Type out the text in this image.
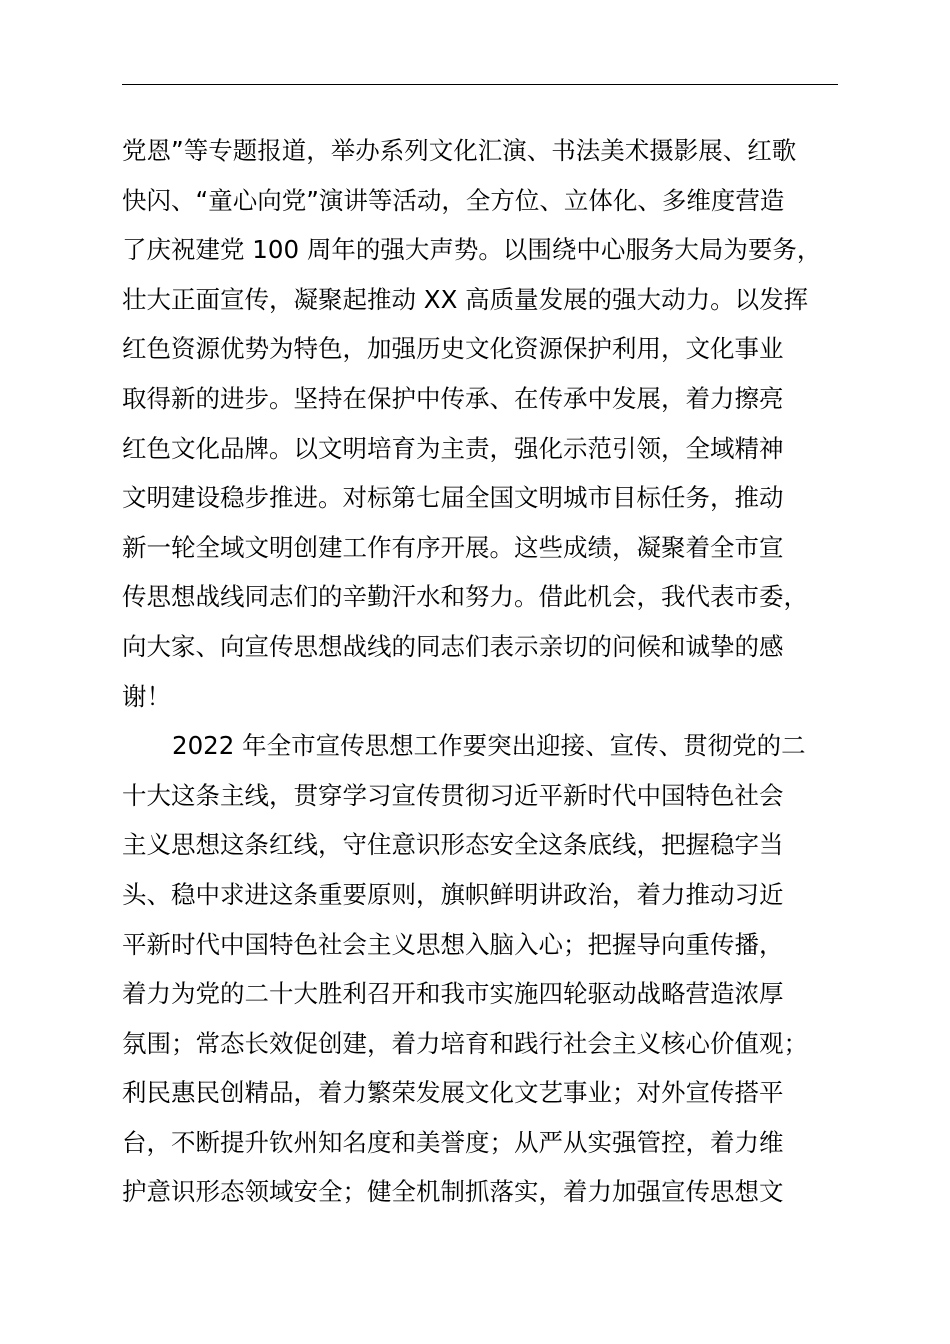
党恩”等专题报道，举办系列文化汇演、书法美术摄影展、红歌
快闪、“童心向党”演讲等活动，全方位、立体化、多维度营造
了庆祝建党 100 周年的强大声势。以围绕中心服务大局为要务，
壮大正面宣传，凝聚起推动 XX 高质量发展的强大动力。以发挥
红色资源优势为特色，加强历史文化资源保护利用，文化事业
取得新的进步。坚持在保护中传承、在传承中发展，着力擦亮
红色文化品牌。以文明培育为主责，强化示范引领，全域精神
文明建设稳步推进。对标第七届全国文明城市目标任务，推动
新一轮全域文明创建工作有序开展。这些成绩，凝聚着全市宣
传思想战线同志们的辛勤汗水和努力。借此机会，我代表市委，
向大家、向宣传思想战线的同志们表示亲切的问候和诚挚的感
谢！
2022 年全市宣传思想工作要突出迎接、宣传、贯彻党的二
十大这条主线，贯穿学习宣传贯彻习近平新时代中国特色社会
主义思想这条红线，守住意识形态安全这条底线，把握稳字当
头、稳中求进这条重要原则，旗帜鲜明讲政治，着力推动习近
平新时代中国特色社会主义思想入脑入心；把握导向重传播，
着力为党的二十大胜利召开和我市实施四轮驱动战略营造浓厚
氛围；常态长效促创建，着力培育和践行社会主义核心价值观；
利民惠民创精品，着力繁荣发展文化文艺事业；对外宣传搭平
台，不断提升钦州知名度和美誉度；从严从实强管控，着力维
护意识形态领域安全；健全机制抓落实，着力加强宣传思想文
